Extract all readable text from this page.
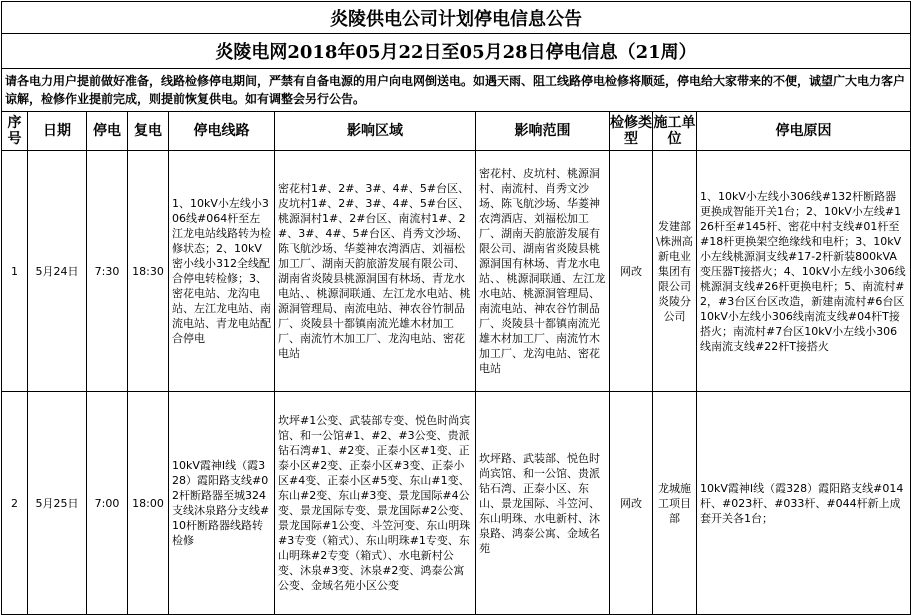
炎陵供电公司计划停电信息公告									
炎陵电网2018年05月22日至05月28日停电信息（21周）									
请各电力用户提前做好准备，线路检修停电期间，严禁有自备电源的用户向电网倒送电。如遇天雨、阻工线路停电检修将顺延，停电给大家带来的不便，诚望广大电力客户谅解，检修作业提前完成，则提前恢复供电。如有调整会另行公告。									
序号	日期	停电	复电	停电线路	影响区域	影响范围	检修类型	施工单位	停电原因
1	5月24日	7:30	18:30	1、10kV小左线小306线#064杆至左江龙电站线路转为检修状态；2、10kV密小线小312全线配合停电转检修；3、密花电站、龙沟电站、左江龙电站、南流电站、青龙电站配合停电	密花村1#、2#、3#、4#、5#台区、皮坑村1#、2#、3#、4#、5#台区、桃源洞村1#、2#台区、南流村1#、2#、3#、4#、5#台区、肖秀文沙场、陈飞航沙场、华菱神农湾酒店、刘福松加工厂、湖南天韵旅游发展有限公司、湖南省炎陵县桃源洞国有林场、青龙水电站、、桃源洞联通、左江龙水电站、桃源洞管理局、南流电站、神农谷竹制品厂、炎陵县十都镇南流光雄木材加工厂、南流竹木加工厂、龙沟电站、密花电站	密花村、皮坑村、桃源洞村、南流村、肖秀文沙场、陈飞航沙场、华菱神农湾酒店、刘福松加工厂、湖南天韵旅游发展有限公司、湖南省炎陵县桃源洞国有林场、青龙水电站、、桃源洞联通、左江龙水电站、桃源洞管理局、南流电站、神农谷竹制品厂、炎陵县十都镇南流光雄木材加工厂、南流竹木加工厂、龙沟电站、密花电站	网改	发建部\株洲高新电业集团有限公司炎陵分公司	1、10kV小左线小306线#132杆断路器更换成智能开关1台；2、10kV小左线#126杆至#145杆、密花中村支线#01杆至#18杆更换架空绝缘线和电杆；3、10kV小左线桃源洞支线#17-2杆新装800kVA变压器T接搭火；4、10kV小左线小306线桃源洞支线#26杆更换电杆；5、南流村#2，#3台区台区改造，新建南流村#6台区10kV小左线小306线南流支线#04杆T接搭火；南流村#7台区10kV小左线小306线南流支线#22杆T接搭火
2	5月25日	7:00	18:00	10kV霞神Ⅰ线（霞328）霞阳路支线#02杆断路器至城324支线沐泉路分支线#10杆断路器线路转检修	坎坪#1公变、武装部专变、悦色时尚宾馆、和一公馆#1、#2、#3公变、贵派钻石湾#1、#2变、正泰小区#1变、正泰小区#2变、正泰小区#3变、正泰小区#4变、正泰小区#5变、东山#1变、东山#2变、东山#3变、景龙国际#4公变、景龙国际专变、景龙国际#2公变、景龙国际#1公变、斗笠河变、东山明珠#3专变（箱式）、东山明珠#1专变、东山明珠#2专变（箱式）、水电新村公变、沐泉#3变、沐泉#2变、鸿泰公寓公变、金域名苑小区公变	坎坪路、武装部、悦色时尚宾馆、和一公馆、贵派钻石湾、正泰小区、东山、景龙国际、斗笠河、东山明珠、水电新村、沐泉路、鸿泰公寓、金域名苑	网改	龙城施工项目部	10kV霞神Ⅰ线（霞328）霞阳路支线#014杆、#023杆、#033杆、#044杆新上成套开关各1台；
